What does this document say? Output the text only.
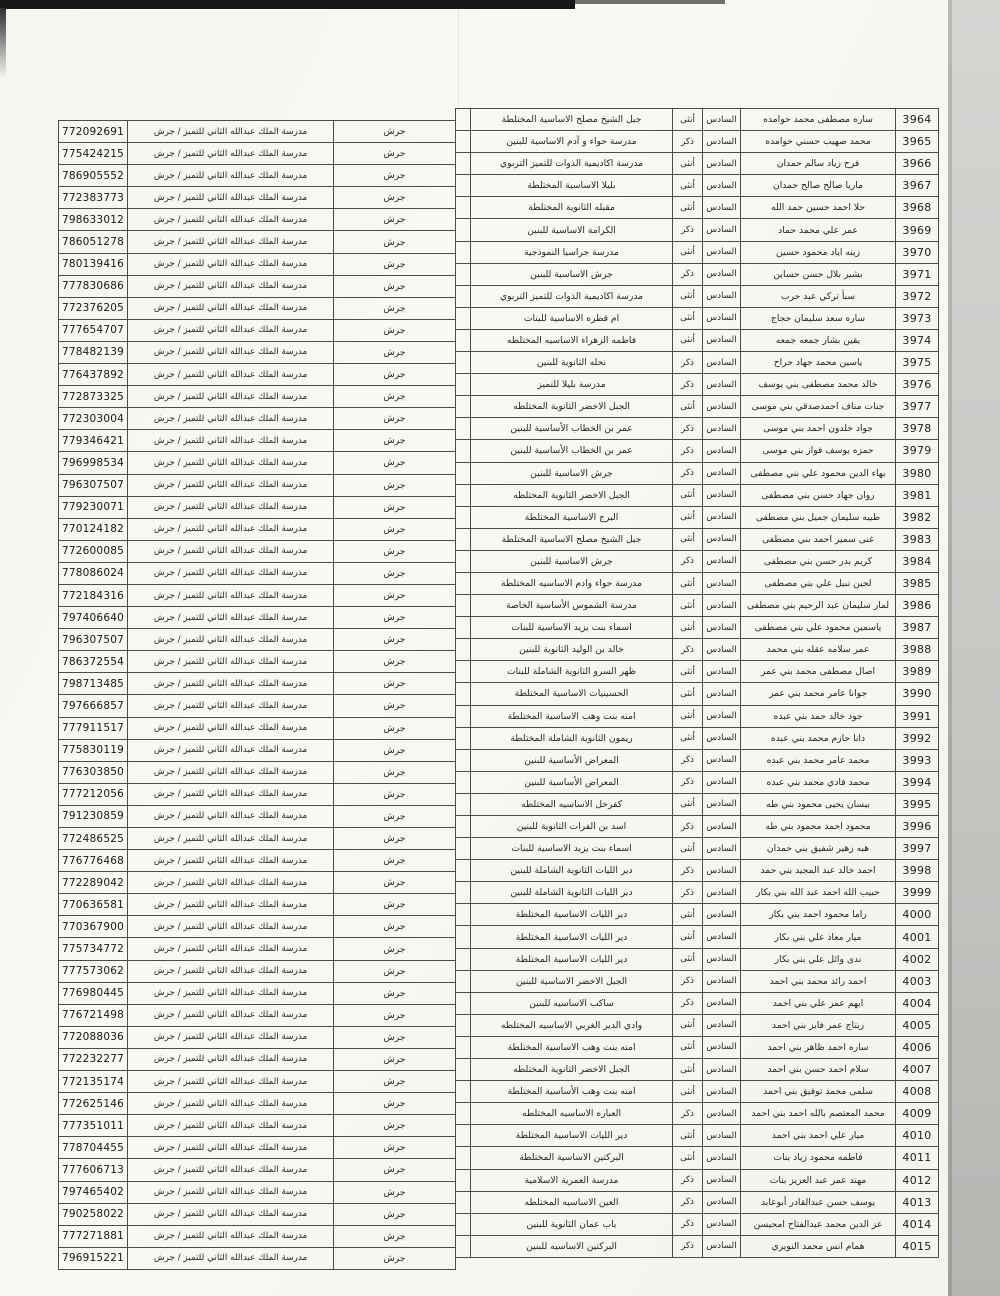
جبل الشيخ مصلح الاساسية المختلطة	أنثى	السادس	ساره مصطفى محمد حوامده	3964
مدرسة حواء و آدم الاساسية للبنين	ذكر	السادس	محمد صهيب حسني حوامده	3965
مدرسة اكاديمية الذوات للتميز التربوي	أنثى	السادس	فرح زياد سالم حمدان	3966
بليلا الاساسية المختلطة	أنثى	السادس	ماريا صالح صالح حمدان	3967
مقبله الثانوية المختلطة	أنثى	السادس	حلا احمد حسين حمد الله	3968
الكرامة الاساسية للبنين	ذكر	السادس	عمر علي محمد حماد	3969
مدرسة جراسيا النموذجية	أنثى	السادس	زينه اياد محمود حسين	3970
جرش الاساسية للبنين	ذكر	السادس	بشير بلال حسن حساين	3971
مدرسة اكاديمية الذوات للتميز التربوي	أنثى	السادس	سبأ تركي عبد حرب	3972
ام قطره الاساسية للبنات	أنثى	السادس	ساره سعد سليمان حجاج	3973
فاطمه الزهراء الاساسيه المختلطه	أنثى	السادس	يقين بشار جمعه جمعه	3974
نحله الثانوية للبنين	ذكر	السادس	ياسين محمد جهاد جراح	3975
مدرسة بليلا للتميز	ذكر	السادس	خالد محمد مصطفى بني يوسف	3976
الجبل الاخضر الثانوية المختلطه	أنثى	السادس	جنات مناف احمدصدقي بني موسى	3977
عمر بن الخطاب الأساسية للبنين	ذكر	السادس	جواد خلدون احمد بني موسى	3978
عمر بن الخطاب الأساسية للبنين	ذكر	السادس	حمزه يوسف فواز بني موسى	3979
جرش الاساسية للبنين	ذكر	السادس	بهاء الدين محمود علي بني مصطفى	3980
الجبل الاخضر الثانوية المختلطه	أنثى	السادس	روان جهاد حسن بني مصطفى	3981
البرج الاساسية المختلطة	أنثى	السادس	طيبه سليمان جميل بني مصطفى	3982
جبل الشيخ مصلح الاساسية المختلطة	أنثى	السادس	غنى سمير احمد بني مصطفى	3983
جرش الاساسية للبنين	ذكر	السادس	كريم بدر حسن بني مصطفى	3984
مدرسة حواء وادم الاساسيه المختلطة	أنثى	السادس	لجين نبيل علي بني مصطفى	3985
مدرسة الشموس الأساسية الخاصة	أنثى	السادس	لمار سليمان عبد الرحيم بني مصطفى	3986
اسماء بنت يزيد الاساسية للبنات	أنثى	السادس	ياسمين محمود علي بني مصطفى	3987
خالد بن الوليد الثانوية للبنين	ذكر	السادس	عمر سلامه عقله بني محمد	3988
ظهر السرو الثانوية الشاملة للبنات	أنثى	السادس	اصال مصطفى محمد بني عمر	3989
الحسينيات الاساسية المختلطة	أنثى	السادس	جوانا عامر محمد بني عمر	3990
امنه بنت وهب الاساسية المختلطة	أنثى	السادس	جود خالد حمد بني عبده	3991
ريمون الثانوية الشاملة المختلطة	أنثى	السادس	دانا حازم محمد بني عبده	3992
المعراض الأساسية للبنين	ذكر	السادس	محمد عامر محمد بني عبده	3993
المعراض الأساسية للبنين	ذكر	السادس	محمد فادي محمد بني عبده	3994
كفرخل الاساسيه المختلطه	أنثى	السادس	بيسان يحيى محمود بني طه	3995
اسد بن الفرات الثانوية للبنين	ذكر	السادس	محمود احمد محمود بني طه	3996
اسماء بنت يزيد الاساسية للبنات	أنثى	السادس	هبه زهير شفيق بني حمدان	3997
دير الليات الثانوية الشاملة للبنين	ذكر	السادس	احمد خالد عبد المجيد بني حمد	3998
دير الليات الثانوية الشاملة للبنين	ذكر	السادس	حبيب الله احمد عبد الله بني بكار	3999
دير الليات الاساسية المختلطة	أنثى	السادس	راما محمود احمد بني بكار	4000
دير الليات الاساسية المختلطة	أنثى	السادس	ميار معاذ علي بني بكار	4001
دير الليات الاساسية المختلطة	أنثى	السادس	ندى وائل علي بني بكار	4002
الجبل الاخضر الاساسية للبنين	ذكر	السادس	احمد رائد محمد بني احمد	4003
ساكب الاساسيه للبنين	ذكر	السادس	ايهم عمر علي بني احمد	4004
وادي الدير الغربي الاساسيه المختلطه	أنثى	السادس	ريتاج عمر فايز بني احمد	4005
امنه بنت وهب الاساسية المختلطة	أنثى	السادس	ساره احمد ظاهر بني احمد	4006
الجبل الاخضر الثانوية المختلطه	أنثى	السادس	سلام احمد حسن بني احمد	4007
امنه بنت وهب الأساسية المختلطة	أنثى	السادس	سلمى محمد توفيق بني احمد	4008
العباره الاساسيه المختلطه	ذكر	السادس	محمد المعتصم بالله احمد بني احمد	4009
دير الليات الاساسية المختلطة	أنثى	السادس	ميار علي احمد بني احمد	4010
البركتين الاساسية المختلطة	أنثى	السادس	فاطمه محمود زياد بنات	4011
مدرسة العمرية الاسلامية	ذكر	السادس	مهند عمر عبد العزيز بنات	4012
العين الاساسيه المختلطه	ذكر	السادس	يوسف حسن عبدالقادر أبوعابد	4013
باب عمان الثانوية للبنين	ذكر	السادس	عز الدين محمد عبدالفتاح امحيسن	4014
البركتين الاساسيه للبنين	ذكر	السادس	همام انس محمد النويري	4015
772092691	مدرسة الملك عبدالله الثاني للتميز / جرش	جرش
775424215	مدرسة الملك عبدالله الثاني للتميز / جرش	جرش
786905552	مدرسة الملك عبدالله الثاني للتميز / جرش	جرش
772383773	مدرسة الملك عبدالله الثاني للتميز / جرش	جرش
798633012	مدرسة الملك عبدالله الثاني للتميز / جرش	جرش
786051278	مدرسة الملك عبدالله الثاني للتميز / جرش	جرش
780139416	مدرسة الملك عبدالله الثاني للتميز / جرش	جرش
777830686	مدرسة الملك عبدالله الثاني للتميز / جرش	جرش
772376205	مدرسة الملك عبدالله الثاني للتميز / جرش	جرش
777654707	مدرسة الملك عبدالله الثاني للتميز / جرش	جرش
778482139	مدرسة الملك عبدالله الثاني للتميز / جرش	جرش
776437892	مدرسة الملك عبدالله الثاني للتميز / جرش	جرش
772873325	مدرسة الملك عبدالله الثاني للتميز / جرش	جرش
772303004	مدرسة الملك عبدالله الثاني للتميز / جرش	جرش
779346421	مدرسة الملك عبدالله الثاني للتميز / جرش	جرش
796998534	مدرسة الملك عبدالله الثاني للتميز / جرش	جرش
796307507	مدرسة الملك عبدالله الثاني للتميز / جرش	جرش
779230071	مدرسة الملك عبدالله الثاني للتميز / جرش	جرش
770124182	مدرسة الملك عبدالله الثاني للتميز / جرش	جرش
772600085	مدرسة الملك عبدالله الثاني للتميز / جرش	جرش
778086024	مدرسة الملك عبدالله الثاني للتميز / جرش	جرش
772184316	مدرسة الملك عبدالله الثاني للتميز / جرش	جرش
797406640	مدرسة الملك عبدالله الثاني للتميز / جرش	جرش
796307507	مدرسة الملك عبدالله الثاني للتميز / جرش	جرش
786372554	مدرسة الملك عبدالله الثاني للتميز / جرش	جرش
798713485	مدرسة الملك عبدالله الثاني للتميز / جرش	جرش
797666857	مدرسة الملك عبدالله الثاني للتميز / جرش	جرش
777911517	مدرسة الملك عبدالله الثاني للتميز / جرش	جرش
775830119	مدرسة الملك عبدالله الثاني للتميز / جرش	جرش
776303850	مدرسة الملك عبدالله الثاني للتميز / جرش	جرش
777212056	مدرسة الملك عبدالله الثاني للتميز / جرش	جرش
791230859	مدرسة الملك عبدالله الثاني للتميز / جرش	جرش
772486525	مدرسة الملك عبدالله الثاني للتميز / جرش	جرش
776776468	مدرسة الملك عبدالله الثاني للتميز / جرش	جرش
772289042	مدرسة الملك عبدالله الثاني للتميز / جرش	جرش
770636581	مدرسة الملك عبدالله الثاني للتميز / جرش	جرش
770367900	مدرسة الملك عبدالله الثاني للتميز / جرش	جرش
775734772	مدرسة الملك عبدالله الثاني للتميز / جرش	جرش
777573062	مدرسة الملك عبدالله الثاني للتميز / جرش	جرش
776980445	مدرسة الملك عبدالله الثاني للتميز / جرش	جرش
776721498	مدرسة الملك عبدالله الثاني للتميز / جرش	جرش
772088036	مدرسة الملك عبدالله الثاني للتميز / جرش	جرش
772232277	مدرسة الملك عبدالله الثاني للتميز / جرش	جرش
772135174	مدرسة الملك عبدالله الثاني للتميز / جرش	جرش
772625146	مدرسة الملك عبدالله الثاني للتميز / جرش	جرش
777351011	مدرسة الملك عبدالله الثاني للتميز / جرش	جرش
778704455	مدرسة الملك عبدالله الثاني للتميز / جرش	جرش
777606713	مدرسة الملك عبدالله الثاني للتميز / جرش	جرش
797465402	مدرسة الملك عبدالله الثاني للتميز / جرش	جرش
790258022	مدرسة الملك عبدالله الثاني للتميز / جرش	جرش
777271881	مدرسة الملك عبدالله الثاني للتميز / جرش	جرش
796915221	مدرسة الملك عبدالله الثاني للتميز / جرش	جرش
